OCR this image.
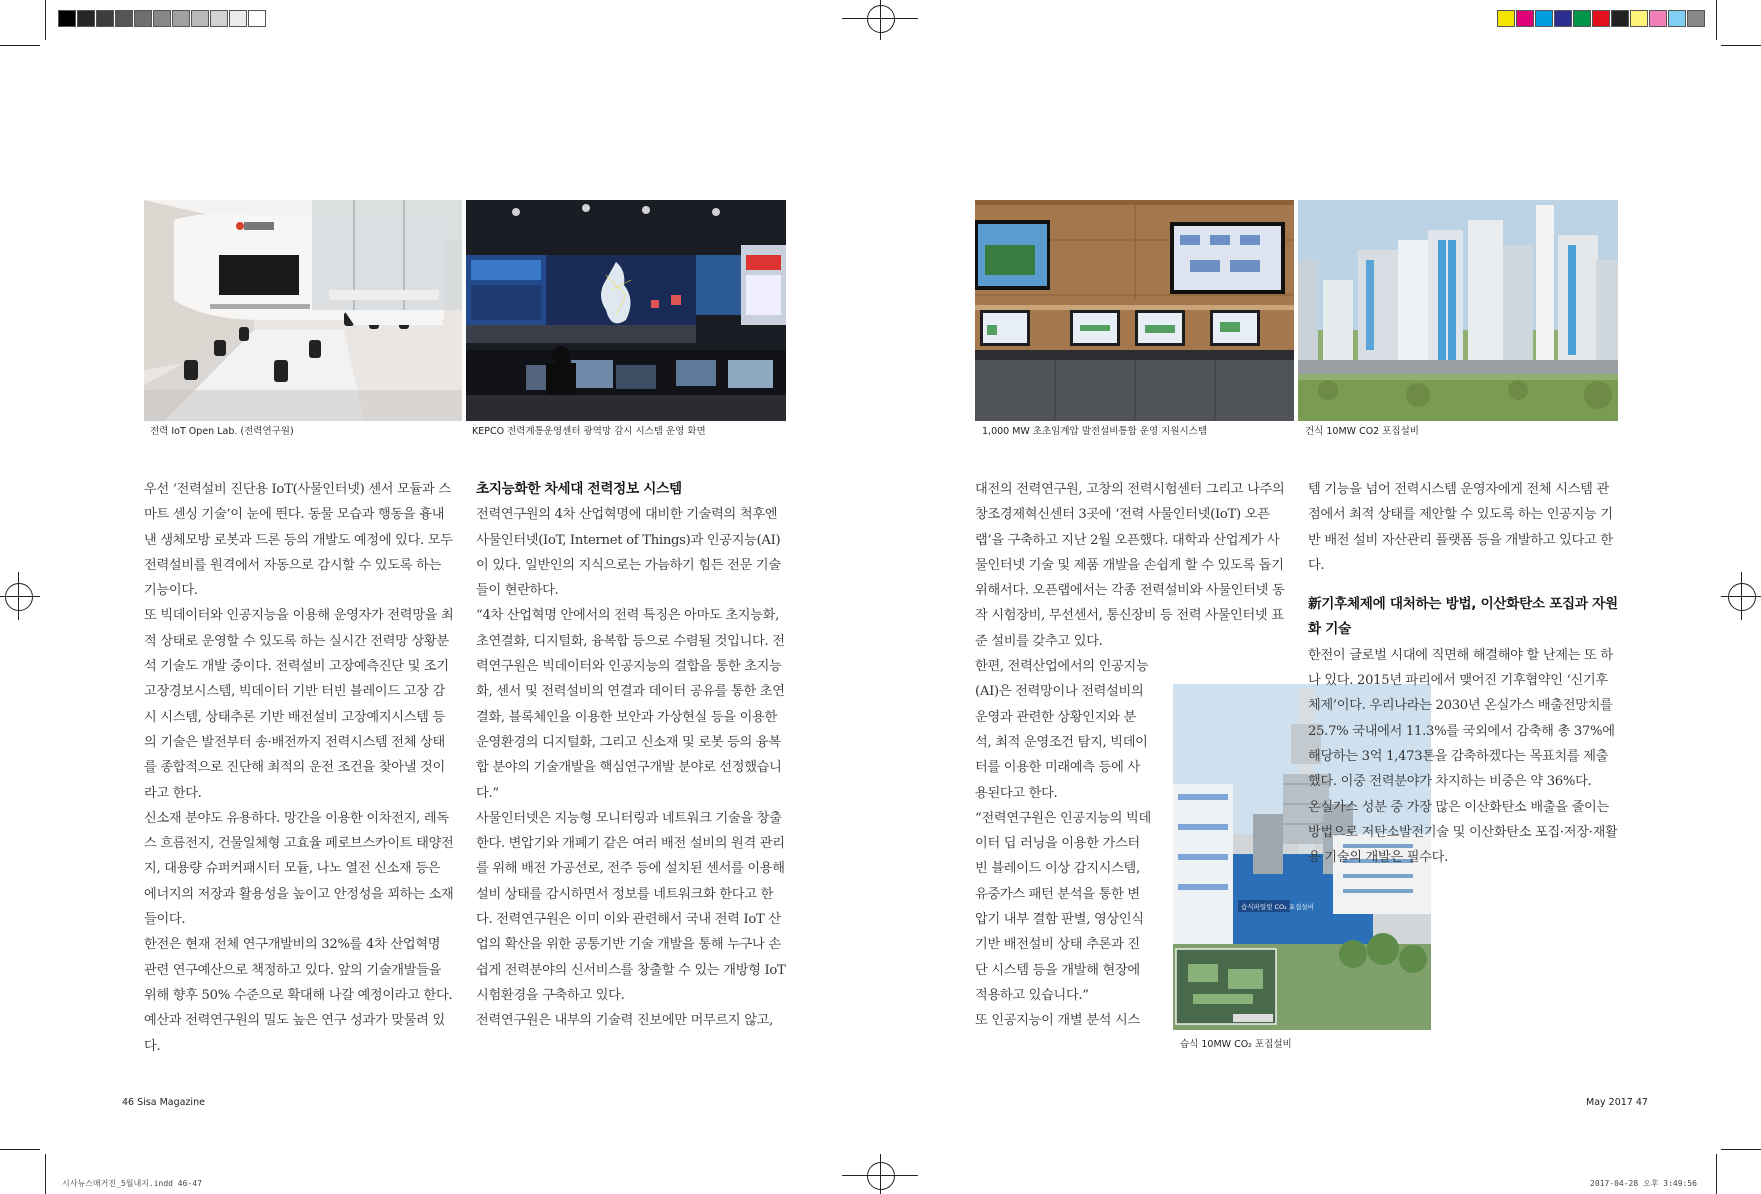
전력 IoT Open Lab. (전력연구원)	KEPCO 전력계통운영센터 광역망 감시 시스템 운영 화면	1,000 MW 초초임계압 발전설비통합 운영 지원시스템	건식 10MW CO2 포집설비
습식파일럿 CO₂ 포집설비
습식 10MW CO₂ 포집설비

우선 ‘전력설비 진단용 IoT(사물인터넷) 센서 모듈과 스마트 센싱 기술’이 눈에 띈다. 동물 모습과 행동을 흉내 낸 생체모방 로봇과 드론 등의 개발도 예정에 있다. 모두 전력설비를 원격에서 자동으로 감시할 수 있도록 하는 기능이다.

또 빅데이터와 인공지능을 이용해 운영자가 전력망을 최적 상태로 운영할 수 있도록 하는 실시간 전력망 상황분석 기술도 개발 중이다. 전력설비 고장예측진단 및 조기 고장경보시스템, 빅데이터 기반 터빈 블레이드 고장 감시 시스템, 상태추론 기반 배전설비 고장예지시스템 등의 기술은 발전부터 송·배전까지 전력시스템 전체 상태를 종합적으로 진단해 최적의 운전 조건을 찾아낼 것이라고 한다.

신소재 분야도 유용하다. 망간을 이용한 이차전지, 레독스 흐름전지, 건물일체형 고효율 페로브스카이트 태양전지, 대용량 슈퍼커패시터 모듈, 나노 열전 신소재 등은 에너지의 저장과 활용성을 높이고 안정성을 꾀하는 소재들이다.

한전은 현재 전체 연구개발비의 32%를 4차 산업혁명 관련 연구예산으로 책정하고 있다. 앞의 기술개발들을 위해 향후 50% 수준으로 확대해 나갈 예정이라고 한다. 예산과 전력연구원의 밀도 높은 연구 성과가 맞물려 있다.

초지능화한 차세대 전력정보 시스템

전력연구원의 4차 산업혁명에 대비한 기술력의 척후엔 사물인터넷(IoT, Internet of Things)과 인공지능(AI)이 있다. 일반인의 지식으로는 가늠하기 힘든 전문 기술들이 현란하다.

“4차 산업혁명 안에서의 전력 특징은 아마도 초지능화, 초연결화, 디지털화, 융복합 등으로 수렴될 것입니다. 전력연구원은 빅데이터와 인공지능의 결합을 통한 초지능화, 센서 및 전력설비의 연결과 데이터 공유를 통한 초연결화, 블록체인을 이용한 보안과 가상현실 등을 이용한 운영환경의 디지털화, 그리고 신소재 및 로봇 등의 융복합 분야의 기술개발을 핵심연구개발 분야로 선정했습니다.”

사물인터넷은 지능형 모니터링과 네트워크 기술을 창출한다. 변압기와 개폐기 같은 여러 배전 설비의 원격 관리를 위해 배전 가공선로, 전주 등에 설치된 센서를 이용해 설비 상태를 감시하면서 정보를 네트워크화 한다고 한다. 전력연구원은 이미 이와 관련해서 국내 전력 IoT 산업의 확산을 위한 공통기반 기술 개발을 통해 누구나 손쉽게 전력분야의 신서비스를 창출할 수 있는 개방형 IoT 시험환경을 구축하고 있다.

전력연구원은 내부의 기술력 진보에만 머무르지 않고,

대전의 전력연구원, 고창의 전력시험센터 그리고 나주의 창조경제혁신센터 3곳에 ‘전력 사물인터넷(IoT) 오픈랩’을 구축하고 지난 2월 오픈했다. 대학과 산업계가 사물인터넷 기술 및 제품 개발을 손쉽게 할 수 있도록 돕기 위해서다. 오픈랩에서는 각종 전력설비와 사물인터넷 동작 시험장비, 무선센서, 통신장비 등 전력 사물인터넷 표준 설비를 갖추고 있다.

한편, 전력산업에서의 인공지능(AI)은 전력망이나 전력설비의 운영과 관련한 상황인지와 분석, 최적 운영조건 탐지, 빅데이터를 이용한 미래예측 등에 사용된다고 한다.

“전력연구원은 인공지능의 빅데이터 딥 러닝을 이용한 가스터빈 블레이드 이상 감지시스템, 유중가스 패턴 분석을 통한 변압기 내부 결함 판별, 영상인식 기반 배전설비 상태 추론과 진단 시스템 등을 개발해 현장에 적용하고 있습니다.”

또 인공지능이 개별 분석 시스

템 기능을 넘어 전력시스템 운영자에게 전체 시스템 관점에서 최적 상태를 제안할 수 있도록 하는 인공지능 기반 배전 설비 자산관리 플랫폼 등을 개발하고 있다고 한다.

新기후체제에 대처하는 방법, 이산화탄소 포집과 자원화 기술

한전이 글로벌 시대에 직면해 해결해야 할 난제는 또 하나 있다. 2015년 파리에서 맺어진 기후협약인 ‘신기후체제’이다. 우리나라는 2030년 온실가스 배출전망치를 25.7% 국내에서 11.3%를 국외에서 감축해 총 37%에 해당하는 3억 1,473톤을 감축하겠다는 목표치를 제출했다. 이중 전력분야가 차지하는 비중은 약 36%다.

온실가스 성분 중 가장 많은 이산화탄소 배출을 줄이는 방법으로 저탄소발전기술 및 이산화탄소 포집·저장·재활용 기술의 개발은 필수다.

46 Sisa Magazine	May 2017 47
시사뉴스매거진_5월내지.indd 46-47	2017-04-28 오후 3:49:56
